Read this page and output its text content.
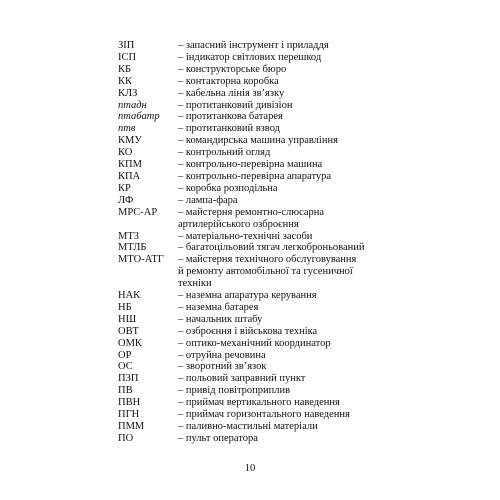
ЗІП	– запасний інструмент і приладдя
ІСП	– індикатор світлових перешкод
КБ	– конструкторське бюро
КК	– контакторна коробка
КЛЗ	– кабельна лінія зв’язку
птадн	– протитанковий дивізіон
птабатр	– протитанкова батарея
птв	– протитанковий взвод
КМУ	– командирська машина управління
КО	– контрольний огляд
КПМ	– контрольно-перевірна машина
КПА	– контрольно-перевірна апаратура
КР	– коробка розподільна
ЛФ	– лампа-фара
МРС-АР	– майстерня ремонтно-слюсарна
артилерійського озброєння
МТЗ	– матеріально-технічні засоби
МТЛБ	– багатоцільовий тягач легкоброньований
МТО-АТГ	– майстерня технічного обслуговування
й ремонту автомобільної та гусеничної
техніки
НАК	– наземна апаратура керування
НБ	– наземна батарея
НШ	– начальник штабу
ОВТ	– озброєння і військова техніка
ОМК	– оптико-механічний координатор
ОР	– отруйна речовина
ОС	– зворотний зв’язок
ПЗП	– польовий заправний пункт
ПВ	– привід повітроприплив
ПВН	– приймач вертикального наведення
ПГН	– приймач горизонтального наведення
ПММ	– паливно-мастильні матеріали
ПО	– пульт оператора
10
